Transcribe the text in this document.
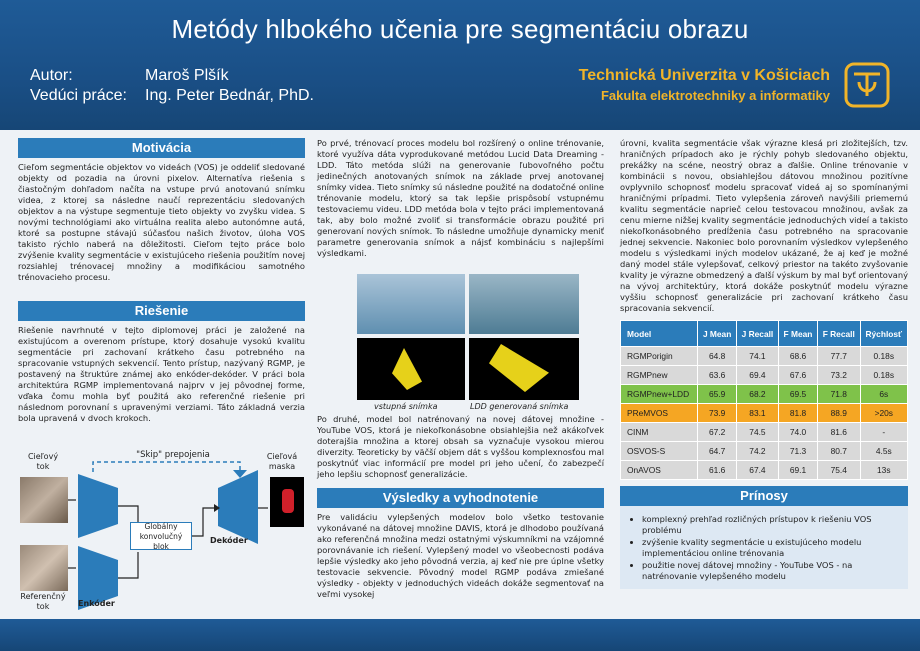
Metódy hlbokého učenia pre segmentáciu obrazu
Autor:	Maroš Plšík
Vedúci práce:	Ing. Peter Bednár, PhD.
Technická Univerzita v Košiciach
Fakulta elektrotechniky a informatiky
Motivácia
Cieľom segmentácie objektov vo videách (VOS) je oddeliť sledované objekty od pozadia na úrovni pixelov. Alternatíva riešenia s čiastočným dohľadom načíta na vstupe prvú anotovanú snímku videa, z ktorej sa následne naučí reprezentáciu sledovaných objektov a na výstupe segmentuje tieto objekty vo zvyšku videa. S novými technológiami ako virtuálna realita alebo autonómne autá, ktoré sa postupne stávajú súčasťou našich životov, úloha VOS takisto rýchlo naberá na dôležitosti. Cieľom tejto práce bolo zvýšenie kvality segmentácie v existujúceho riešenia použitím novej rozsiahlej trénovacej množiny a modifikáciou samotného trénovacieho procesu.
Riešenie
Riešenie navrhnuté v tejto diplomovej práci je založené na existujúcom a overenom prístupe, ktorý dosahuje vysokú kvalitu segmentácie pri zachovaní krátkeho času potrebného na spracovanie vstupných sekvencií. Tento prístup, nazývaný RGMP, je postavený na štruktúre známej ako enkóder-dekóder. V práci bola architektúra RGMP implementovaná najprv v jej pôvodnej forme, vďaka čomu mohla byť použitá ako referenčné riešenie pri následnom porovnaní s upravenými verziami. Táto základná verzia bola upravená v dvoch krokoch.
Cieľový tok
Referenčný tok
"Skip" prepojenia
Globálny konvolučný blok
Cieľová maska
Dekóder
Enkóder
Po prvé, trénovací proces modelu bol rozšírený o online trénovanie, ktoré využíva dáta vyprodukované metódou Lucid Data Dreaming - LDD. Táto metóda slúži na generovanie ľubovoľného počtu jedinečných anotovaných snímok na základe prvej anotovanej snímky videa. Tieto snímky sú následne použité na dodatočné online trénovanie modelu, ktorý sa tak lepšie prispôsobí vstupnému testovaciemu videu. LDD metóda bola v tejto práci implementovaná tak, aby bolo možné zvoliť si transformácie obrazu použité pri generovaní nových snímok. To následne umožňuje dynamicky meniť parametre generovania snímok a nájsť kombináciu s najlepšími výsledkami.
vstupná snímka	LDD generovaná snímka
Po druhé, model bol natrénovaný na novej dátovej množine - YouTube VOS, ktorá je niekoľkonásobne obsiahlejšia než akákoľvek doterajšia množina a ktorej obsah sa vyznačuje vysokou mierou diverzity. Teoreticky by väčší objem dát s vyššou komplexnosťou mal poskytnúť viac informácií pre model pri jeho učení, čo zabezpečí jeho lepšiu schopnosť generalizácie.
Výsledky a vyhodnotenie
Pre validáciu vylepšených modelov bolo všetko testovanie vykonávané na dátovej množine DAVIS, ktorá je dlhodobo používaná ako referenčná množina medzi ostatnými výskumníkmi na vzájomné porovnávanie ich riešení. Vylepšený model vo všeobecnosti podáva lepšie výsledky ako jeho pôvodná verzia, aj keď nie pre úplne všetky testovacie sekvencie. Pôvodný model RGMP podáva zmiešané výsledky - objekty v jednoduchých videách dokáže segmentovať na veľmi vysokej
úrovni, kvalita segmentácie však výrazne klesá pri zložitejších, tzv. hraničných prípadoch ako je rýchly pohyb sledovaného objektu, prekážky na scéne, neostrý obraz a ďalšie. Online trénovanie v kombinácii s novou, obsiahlejšou dátovou množinou pozitívne ovplyvnilo schopnosť modelu spracovať videá aj so spomínanými hraničnými prípadmi. Tieto vylepšenia zároveň navýšili priemernú kvalitu segmentácie naprieč celou testovacou množinou, avšak za cenu mierne nižšej kvality segmentácie jednoduchých videí a takisto niekoľkonásobného predĺženia času potrebného na spracovanie jednej sekvencie. Nakoniec bolo porovnaním výsledkov vylepšeného modelu s výsledkami iných modelov ukázané, že aj keď je možné daný model stále vylepšovať, celkový priestor na takéto zvyšovanie kvality je výrazne obmedzený a ďalší výskum by mal byť orientovaný na vývoj architektúry, ktorá dokáže poskytnúť modelu výrazne vyššiu schopnosť generalizácie pri zachovaní krátkeho času spracovania sekvencií.
Model	J Mean	J Recall	F Mean	F Recall	Rýchlosť
RGMPorigin	64.8	74.1	68.6	77.7	0.18s
RGMPnew	63.6	69.4	67.6	73.2	0.18s
RGMPnew+LDD	65.9	68.2	69.5	71.8	6s
PReMVOS	73.9	83.1	81.8	88.9	>20s
CINM	67.2	74.5	74.0	81.6	-
OSVOS-S	64.7	74.2	71.3	80.7	4.5s
OnAVOS	61.6	67.4	69.1	75.4	13s
Prínosy
• komplexný prehľad rozličných prístupov k riešeniu VOS problému
• zvýšenie kvality segmentácie u existujúceho modelu implementáciou online trénovania
• použitie novej dátovej množiny - YouTube VOS - na natrénovanie vylepšeného modelu
